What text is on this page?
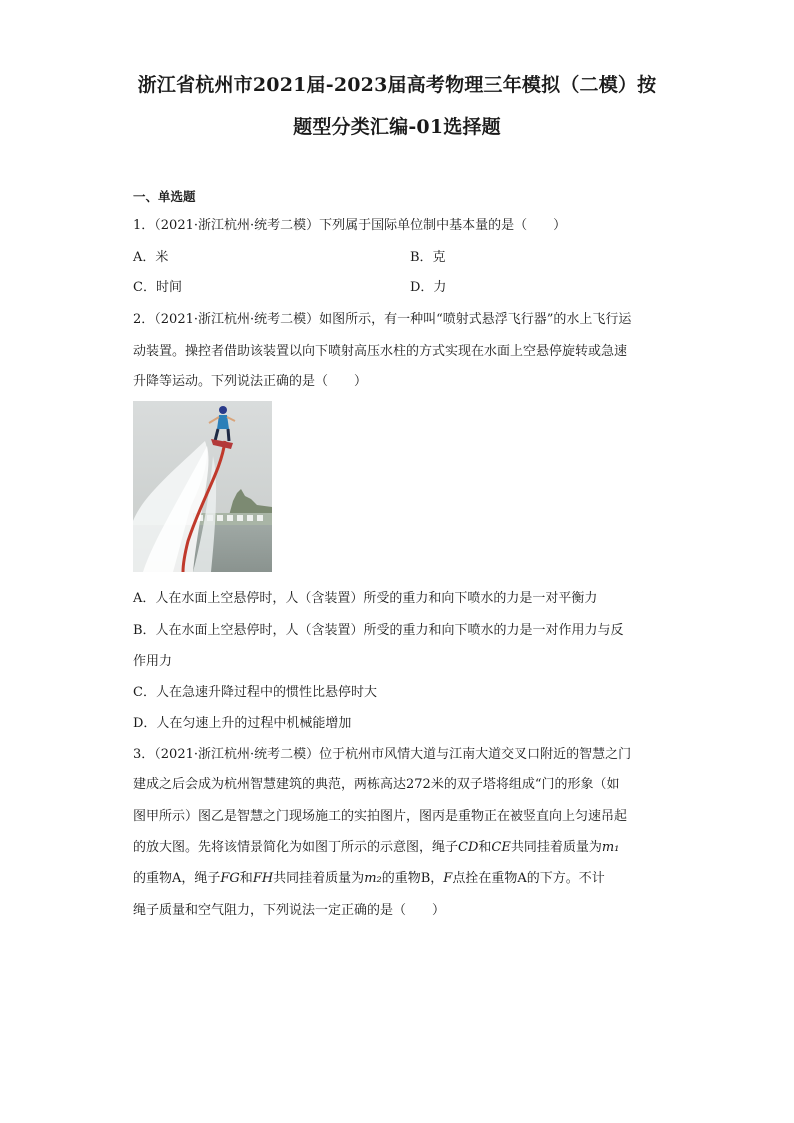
浙江省杭州市2021届-2023届高考物理三年模拟（二模）按
题型分类汇编-01选择题
一、单选题
1．（2021·浙江杭州·统考二模）下列属于国际单位制中基本量的是（　　）
A．米	B．克
C．时间	D．力
2．（2021·浙江杭州·统考二模）如图所示，有一种叫“喷射式悬浮飞行器”的水上飞行运
动装置。操控者借助该装置以向下喷射高压水柱的方式实现在水面上空悬停旋转或急速
升降等运动。下列说法正确的是（　　）
A．人在水面上空悬停时，人（含装置）所受的重力和向下喷水的力是一对平衡力
B．人在水面上空悬停时，人（含装置）所受的重力和向下喷水的力是一对作用力与反
作用力
C．人在急速升降过程中的惯性比悬停时大
D．人在匀速上升的过程中机械能增加
3．（2021·浙江杭州·统考二模）位于杭州市风情大道与江南大道交叉口附近的智慧之门
建成之后会成为杭州智慧建筑的典范，两栋高达272米的双子塔将组成“门的形象（如
图甲所示）图乙是智慧之门现场施工的实拍图片，图丙是重物正在被竖直向上匀速吊起
的放大图。先将该情景简化为如图丁所示的示意图，绳子CD和CE共同挂着质量为m₁
的重物A，绳子FG和FH共同挂着质量为m₂的重物B，F点拴在重物A的下方。不计
绳子质量和空气阻力，下列说法一定正确的是（　　）
